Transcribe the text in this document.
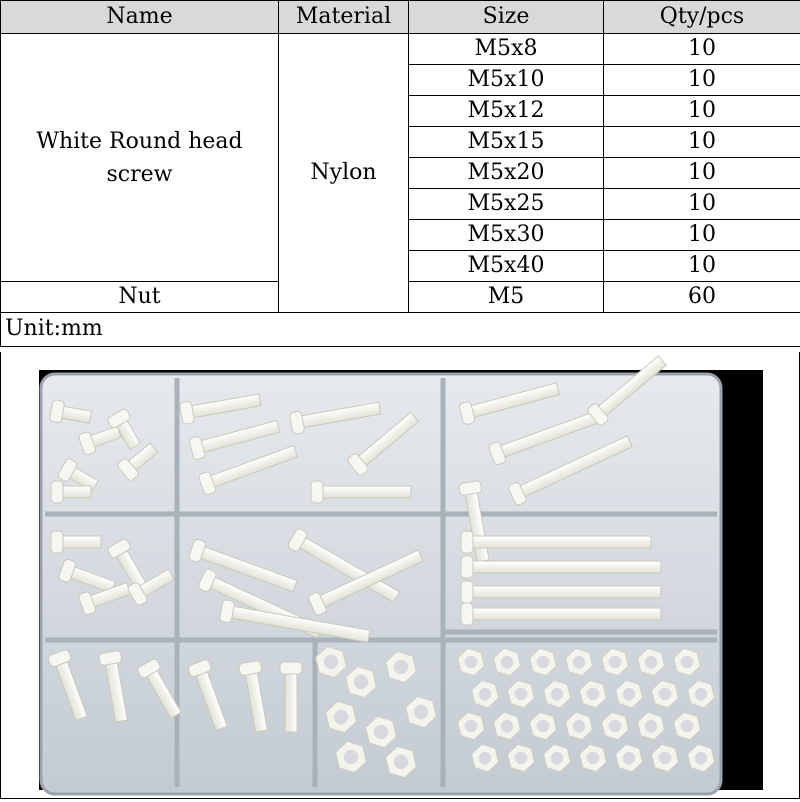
Name	Material	Size	Qty/pcs
White Round head screw	Nylon	M5x8	10
		M5x10	10
		M5x12	10
		M5x15	10
		M5x20	10
		M5x25	10
		M5x30	10
		M5x40	10
Nut		M5	60
Unit:mm			
